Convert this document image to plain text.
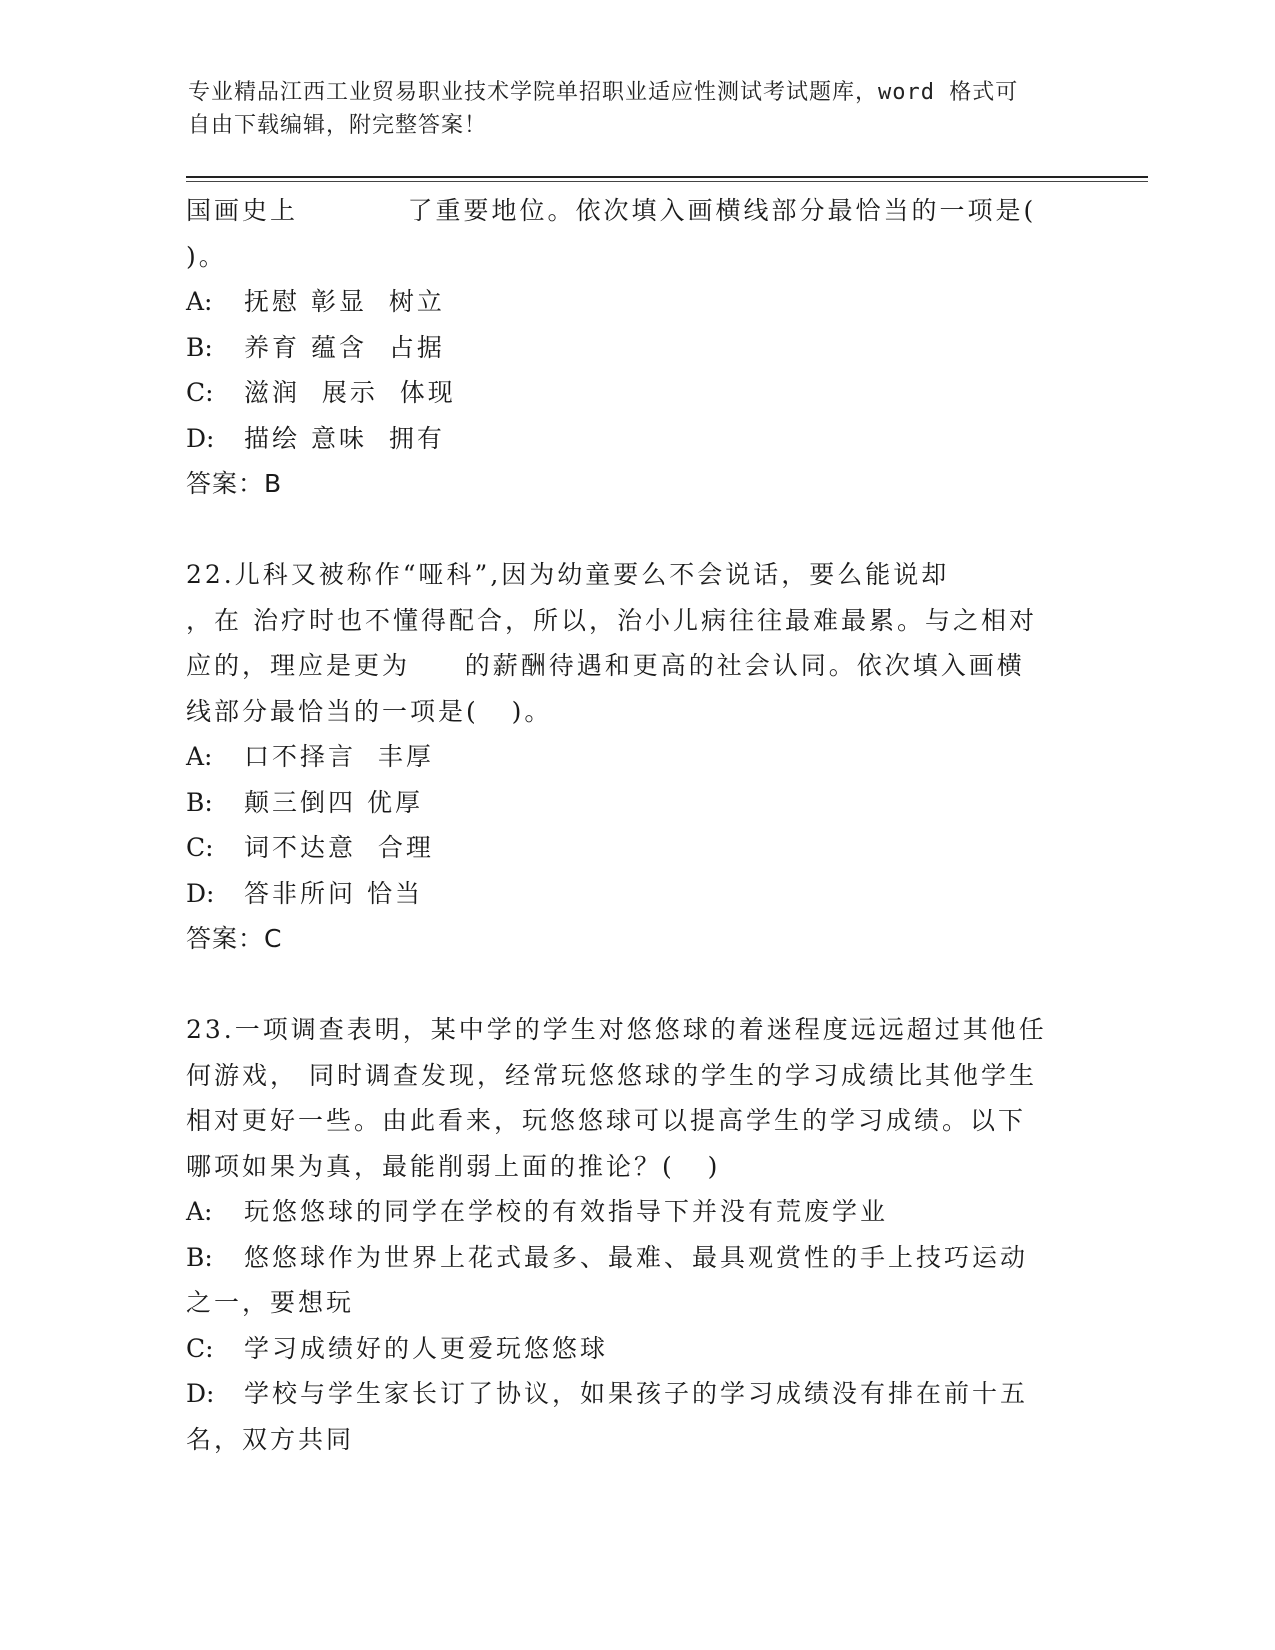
专业精品江西工业贸易职业技术学院单招职业适应性测试考试题库，word 格式可
自由下载编辑，附完整答案！
国画史上          了重要地位。依次填入画横线部分最恰当的一项是(
)。
A: 抚慰 彰显  树立
B: 养育 蕴含  占据
C: 滋润  展示  体现
D: 描绘 意味  拥有
答案：B
22.儿科又被称作“哑科”,因为幼童要么不会说话，要么能说却
，在 治疗时也不懂得配合，所以，治小儿病往往最难最累。与之相对
应的，理应是更为     的薪酬待遇和更高的社会认同。依次填入画横
线部分最恰当的一项是(   )。
A: 口不择言  丰厚
B: 颠三倒四 优厚
C: 词不达意  合理
D: 答非所问 恰当
答案：C
23.一项调查表明，某中学的学生对悠悠球的着迷程度远远超过其他任
何游戏， 同时调查发现，经常玩悠悠球的学生的学习成绩比其他学生
相对更好一些。由此看来，玩悠悠球可以提高学生的学习成绩。以下
哪项如果为真，最能削弱上面的推论？(   )
A: 玩悠悠球的同学在学校的有效指导下并没有荒废学业
B: 悠悠球作为世界上花式最多、最难、最具观赏性的手上技巧运动
之一，要想玩
C: 学习成绩好的人更爱玩悠悠球
D: 学校与学生家长订了协议，如果孩子的学习成绩没有排在前十五
名，双方共同
